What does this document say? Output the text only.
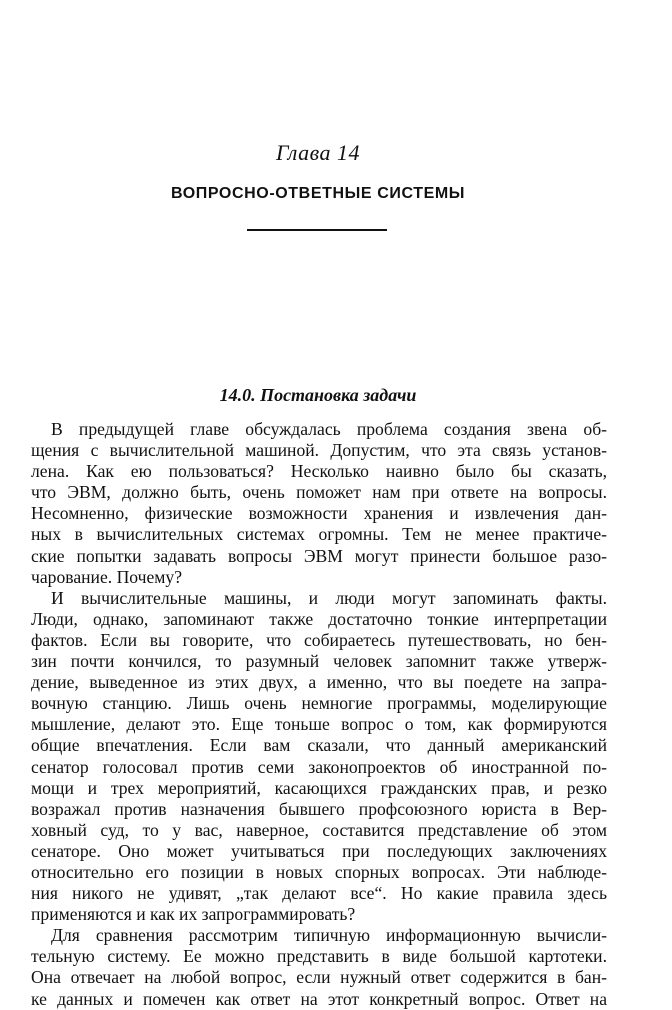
Глава 14
ВОПРОСНО-ОТВЕТНЫЕ СИСТЕМЫ
14.0. Постановка задачи
В предыдущей главе обсуждалась проблема создания звена об-
щения с вычислительной машиной. Допустим, что эта связь установ-
лена. Как ею пользоваться? Несколько наивно было бы сказать,
что ЭВМ, должно быть, очень поможет нам при ответе на вопросы.
Несомненно, физические возможности хранения и извлечения дан-
ных в вычислительных системах огромны. Тем не менее практиче-
ские попытки задавать вопросы ЭВМ могут принести большое разо-
чарование. Почему?
И вычислительные машины, и люди могут запоминать факты.
Люди, однако, запоминают также достаточно тонкие интерпретации
фактов. Если вы говорите, что собираетесь путешествовать, но бен-
зин почти кончился, то разумный человек запомнит также утверж-
дение, выведенное из этих двух, а именно, что вы поедете на запра-
вочную станцию. Лишь очень немногие программы, моделирующие
мышление, делают это. Еще тоньше вопрос о том, как формируются
общие впечатления. Если вам сказали, что данный американский
сенатор голосовал против семи законопроектов об иностранной по-
мощи и трех мероприятий, касающихся гражданских прав, и резко
возражал против назначения бывшего профсоюзного юриста в Вер-
ховный суд, то у вас, наверное, составится представление об этом
сенаторе. Оно может учитываться при последующих заключениях
относительно его позиции в новых спорных вопросах. Эти наблюде-
ния никого не удивят, „так делают все“. Но какие правила здесь
применяются и как их запрограммировать?
Для сравнения рассмотрим типичную информационную вычисли-
тельную систему. Ее можно представить в виде большой картотеки.
Она отвечает на любой вопрос, если нужный ответ содержится в бан-
ке данных и помечен как ответ на этот конкретный вопрос. Ответ на
